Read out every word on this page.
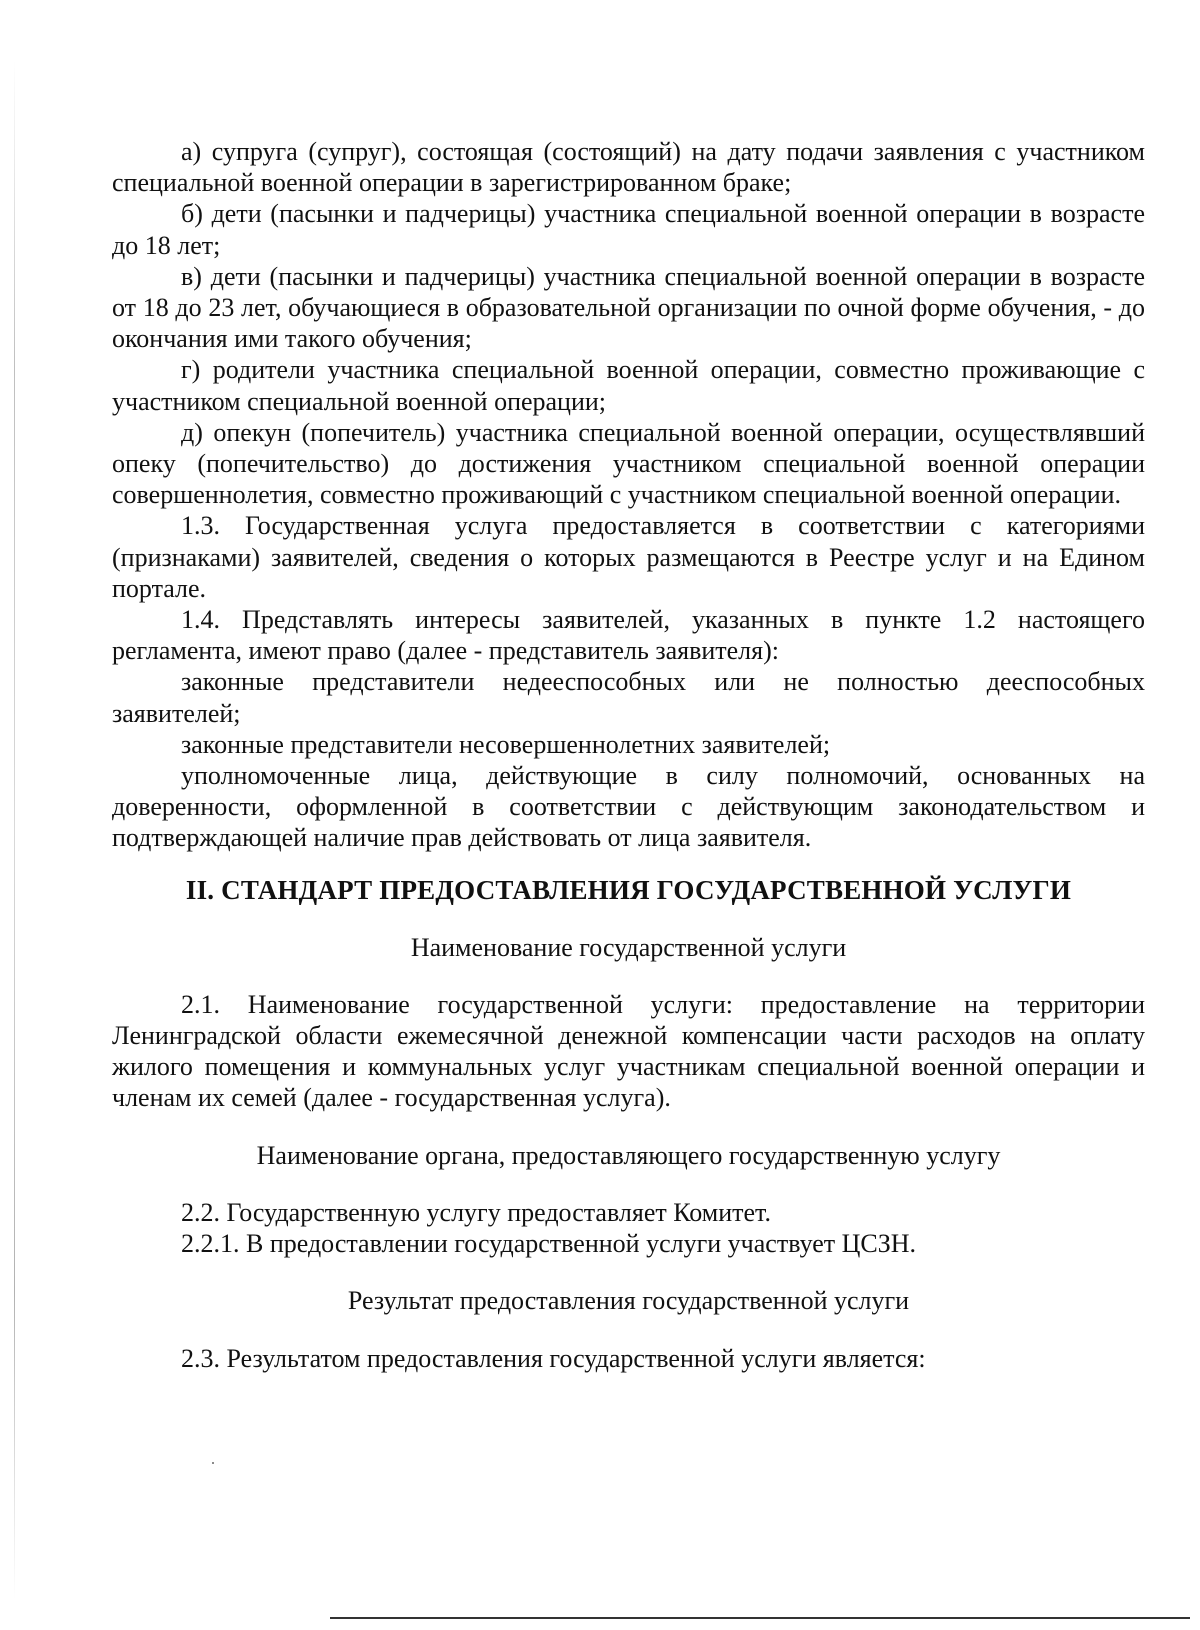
а) супруга (супруг), состоящая (состоящий) на дату подачи заявления с участником специальной военной операции в зарегистрированном браке;

б) дети (пасынки и падчерицы) участника специальной военной операции в возрасте до 18 лет;

в) дети (пасынки и падчерицы) участника специальной военной операции в возрасте от 18 до 23 лет, обучающиеся в образовательной организации по очной форме обучения, - до окончания ими такого обучения;

г) родители участника специальной военной операции, совместно проживающие с участником специальной военной операции;

д) опекун (попечитель) участника специальной военной операции, осуществлявший опеку (попечительство) до достижения участником специальной военной операции совершеннолетия, совместно проживающий с участником специальной военной операции.

1.3. Государственная услуга предоставляется в соответствии с категориями (признаками) заявителей, сведения о которых размещаются в Реестре услуг и на Едином портале.

1.4. Представлять интересы заявителей, указанных в пункте 1.2 настоящего регламента, имеют право (далее - представитель заявителя):

законные представители недееспособных или не полностью дееспособных заявителей;

законные представители несовершеннолетних заявителей;

уполномоченные лица, действующие в силу полномочий, основанных на доверенности, оформленной в соответствии с действующим законодательством и подтверждающей наличие прав действовать от лица заявителя.

II. СТАНДАРТ ПРЕДОСТАВЛЕНИЯ ГОСУДАРСТВЕННОЙ УСЛУГИ
Наименование государственной услуги

2.1. Наименование государственной услуги: предоставление на территории Ленинградской области ежемесячной денежной компенсации части расходов на оплату жилого помещения и коммунальных услуг участникам специальной военной операции и членам их семей (далее - государственная услуга).

Наименование органа, предоставляющего государственную услугу

2.2. Государственную услугу предоставляет Комитет.

2.2.1. В предоставлении государственной услуги участвует ЦСЗН.

Результат предоставления государственной услуги

2.3. Результатом предоставления государственной услуги является:
